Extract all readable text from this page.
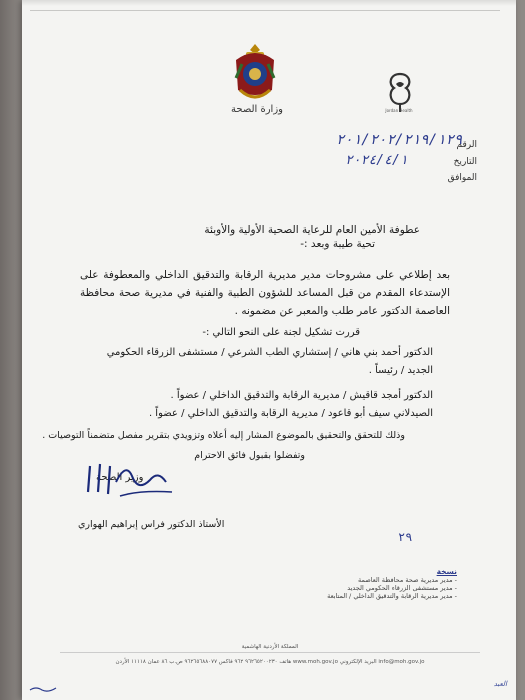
وزارة الصحة	Jordan Health
الرقم
التاريخ
الموافق
٢٠١/٢٠٢/٢١٩/١٢٩
٢٠٢٤/٤/١
عطوفة الأمين العام للرعاية الصحية الأولية والأوبئة
تحية طيبة وبعد :-
بعد إطلاعي على مشروحات مدير مديرية الرقابة والتدقيق الداخلي والمعطوفة على الإستدعاء المقدم من قبل المساعد للشؤون الطبية والفنية في مديرية صحة محافظة العاصمة الدكتور عامر طلب والمعبر عن مضمونه .
قررت تشكيل لجنة على النحو التالي :-
الدكتور أحمد بني هاني / إستشاري الطب الشرعي / مستشفى الزرقاء الحكومي الجديد / رئيساً .
الدكتور أمجد قاقيش / مديرية الرقابة والتدقيق الداخلي / عضواً .
الصيدلاني سيف أبو قاعود / مديرية الرقابة والتدقيق الداخلي / عضواً .
وذلك للتحقق والتحقيق بالموضوع المشار إليه أعلاه وتزويدي بتقرير مفصل متضمناً التوصيات .
وتفضلوا بقبول فائق الاحترام
وزير الصحة
الأستاذ الدكتور فراس إبراهيم الهواري
٢٩
نسخة
- مدير مديرية صحة محافظة العاصمة
- مدير مستشفى الزرقاء الحكومي الجديد
- مدير مديرية الرقابة والتدقيق الداخلي / المتابعة
المملكة الأردنية الهاشمية
هاتف ٩٦٢٦٥٢٠٠٢٣٠ ٩٦٢ فاكس ٩٦٢٦٥٦٨٨٠٧٧ ص.ب ٨٦ عمان ١١١١٨ الأردن www.moh.gov.jo البريد الإلكتروني info@moh.gov.jo
العبد
